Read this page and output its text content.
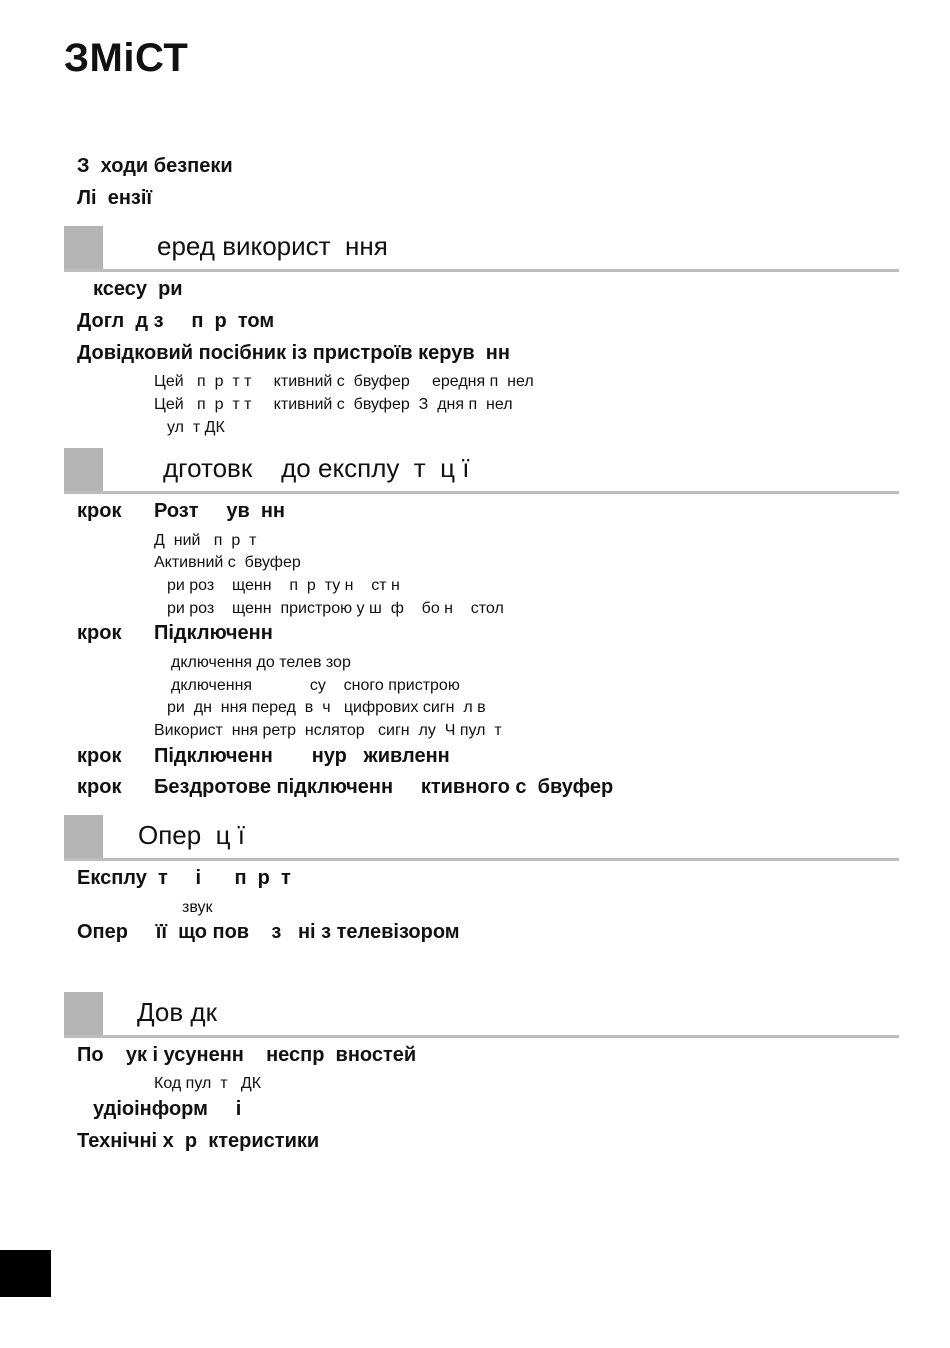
ЗМіСТ
З  ходи безпеки
Лі  ензії
еред використ  ння
ксесу  ри
Догл  д з     п  р  том
Довідковий посібник із пристроїв керув  нн
Цей   п  р  т т     ктивний с  бвуфер     ередня п  нел
Цей   п  р  т т     ктивний с  бвуфер  З  дня п  нел
ул  т ДК
дготовк    до експлу  т  ц ї
крок Розт     ув  нн
Д  ний   п  р  т
Активний с  бвуфер
ри роз    щенн    п  р  ту н    ст н
ри роз    щенн  пристрою у ш  ф    бо н    стол
крок Підключенн
дключення до телев зор
дключення             су    сного пристрою
ри  дн  ння перед  в  ч   цифрових сигн  л в
Використ  ння ретр  нслятор   сигн  лу  Ч пул  т
крок Підключенн       нур   живленн
крок Бездротове підключенн     ктивного с  бвуфер
Опер  ц ї
Експлу  т     і      п  р  т
звук
Опер     її  що пов    з   ні з телевізором
Дов дк
По    ук і усуненн    неспр  вностей
Код пул  т   ДК
удіоінформ     і
Технічні х  р  ктеристики
